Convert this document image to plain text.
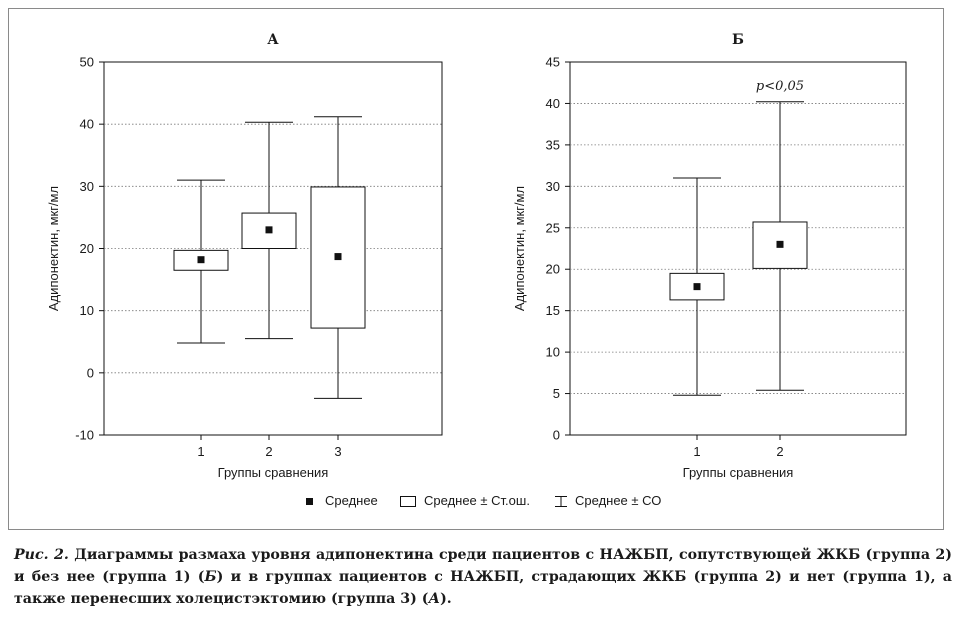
А
-10
0
10
20
30
40
50
1	2	3
Группы сравнения
Адипонектин, мкг/мл
Б
0
5
10
15
20
25
30
35
40
45
1	2
Группы сравнения
Адипонектин, мкг/мл
p<0,05
Среднее	Среднее ± Ст.ош.	Среднее ± СО
Рис. 2. Диаграммы размаха уровня адипонектина среди пациентов с НАЖБП, сопутствующей ЖКБ (группа 2) и без нее (группа 1) (Б) и в группах пациентов с НАЖБП, страдающих ЖКБ (группа 2) и нет (группа 1), а также перенесших холецистэктомию (группа 3) (А).
